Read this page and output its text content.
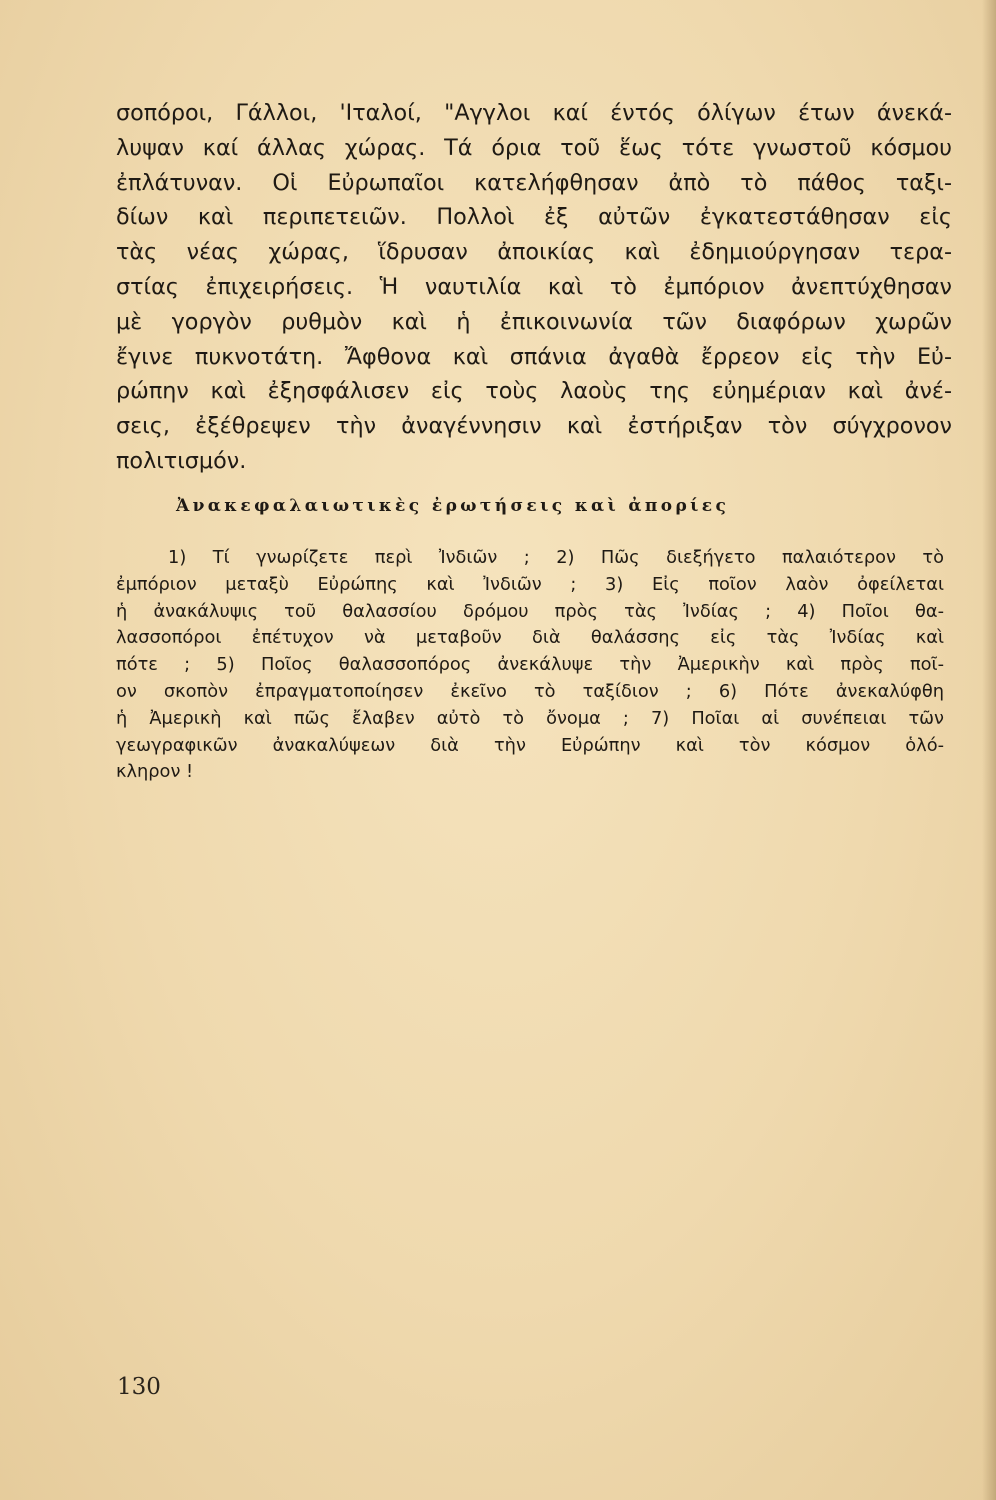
σοπόροι, Γάλλοι, 'Ιταλοί, "Αγγλοι καί έντός όλίγων έτων άνεκά-
λυψαν καί άλλας χώρας. Τά όρια τοῦ ἕως τότε γνωστοῦ κόσμου
ἐπλάτυναν. Οἱ Εὐρωπαῖοι κατελήφθησαν ἀπὸ τὸ πάθος ταξι-
δίων καὶ περιπετειῶν. Πολλοὶ ἐξ αὐτῶν ἐγκατεστάθησαν εἰς
τὰς νέας χώρας, ἵδρυσαν ἀποικίας καὶ ἐδημιούργησαν τερα-
στίας ἐπιχειρήσεις. Ἡ ναυτιλία καὶ τὸ ἐμπόριον ἀνεπτύχθησαν
μὲ γοργὸν ρυθμὸν καὶ ἡ ἐπικοινωνία τῶν διαφόρων χωρῶν
ἔγινε πυκνοτάτη. Ἄφθονα καὶ σπάνια ἀγαθὰ ἔρρεον εἰς τὴν Εὐ-
ρώπην καὶ ἐξησφάλισεν εἰς τοὺς λαοὺς της εὐημέριαν καὶ ἀνέ-
σεις, ἐξέθρεψεν τὴν ἀναγέννησιν καὶ ἐστήριξαν τὸν σύγχρονον
πολιτισμόν.

Ἀνακεφαλαιωτικὲς ἐρωτήσεις καὶ ἀπορίες

1) Τί γνωρίζετε περὶ Ἰνδιῶν ; 2) Πῶς διεξήγετο παλαιότερον τὸ
ἐμπόριον μεταξὺ Εὐρώπης καὶ Ἰνδιῶν ; 3) Εἰς ποῖον λαὸν ὀφείλεται
ἡ ἀνακάλυψις τοῦ θαλασσίου δρόμου πρὸς τὰς Ἰνδίας ; 4) Ποῖοι θα-
λασσοπόροι ἐπέτυχον νὰ μεταβοῦν διὰ θαλάσσης εἰς τὰς Ἰνδίας καὶ
πότε ; 5) Ποῖος θαλασσοπόρος ἀνεκάλυψε τὴν Ἀμερικὴν καὶ πρὸς ποῖ-
ον σκοπὸν ἐπραγματοποίησεν ἐκεῖνο τὸ ταξίδιον ; 6) Πότε ἀνεκαλύφθη
ἡ Ἀμερικὴ καὶ πῶς ἔλαβεν αὐτὸ τὸ ὄνομα ; 7) Ποῖαι αἱ συνέπειαι τῶν
γεωγραφικῶν ἀνακαλύψεων διὰ τὴν Εὐρώπην καὶ τὸν κόσμον ὁλό-
κληρον !

130
